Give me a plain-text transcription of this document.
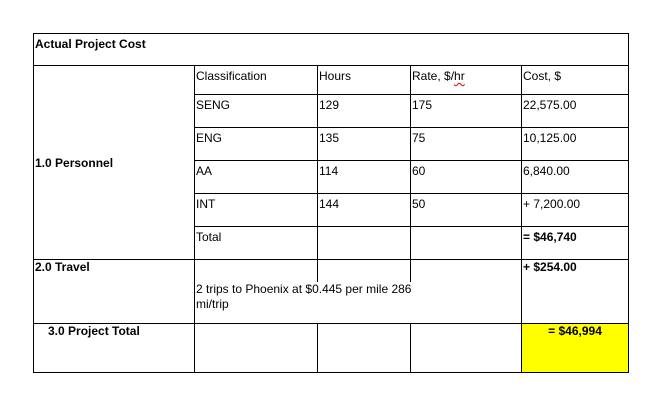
Actual Project Cost				

1.0 Personnel	Classification	Hours	Rate, $/hr	Cost, $

	SENG	129	175	22,575.00

	ENG	135	75	10,125.00

	AA	114	60	6,840.00

	INT	144	50	+ 7,200.00

	Total			= $46,740

2.0 Travel	2 trips to Phoenix at $0.445 per mile 286 mi/trip			+ $254.00

3.0 Project Total				= $46,994
